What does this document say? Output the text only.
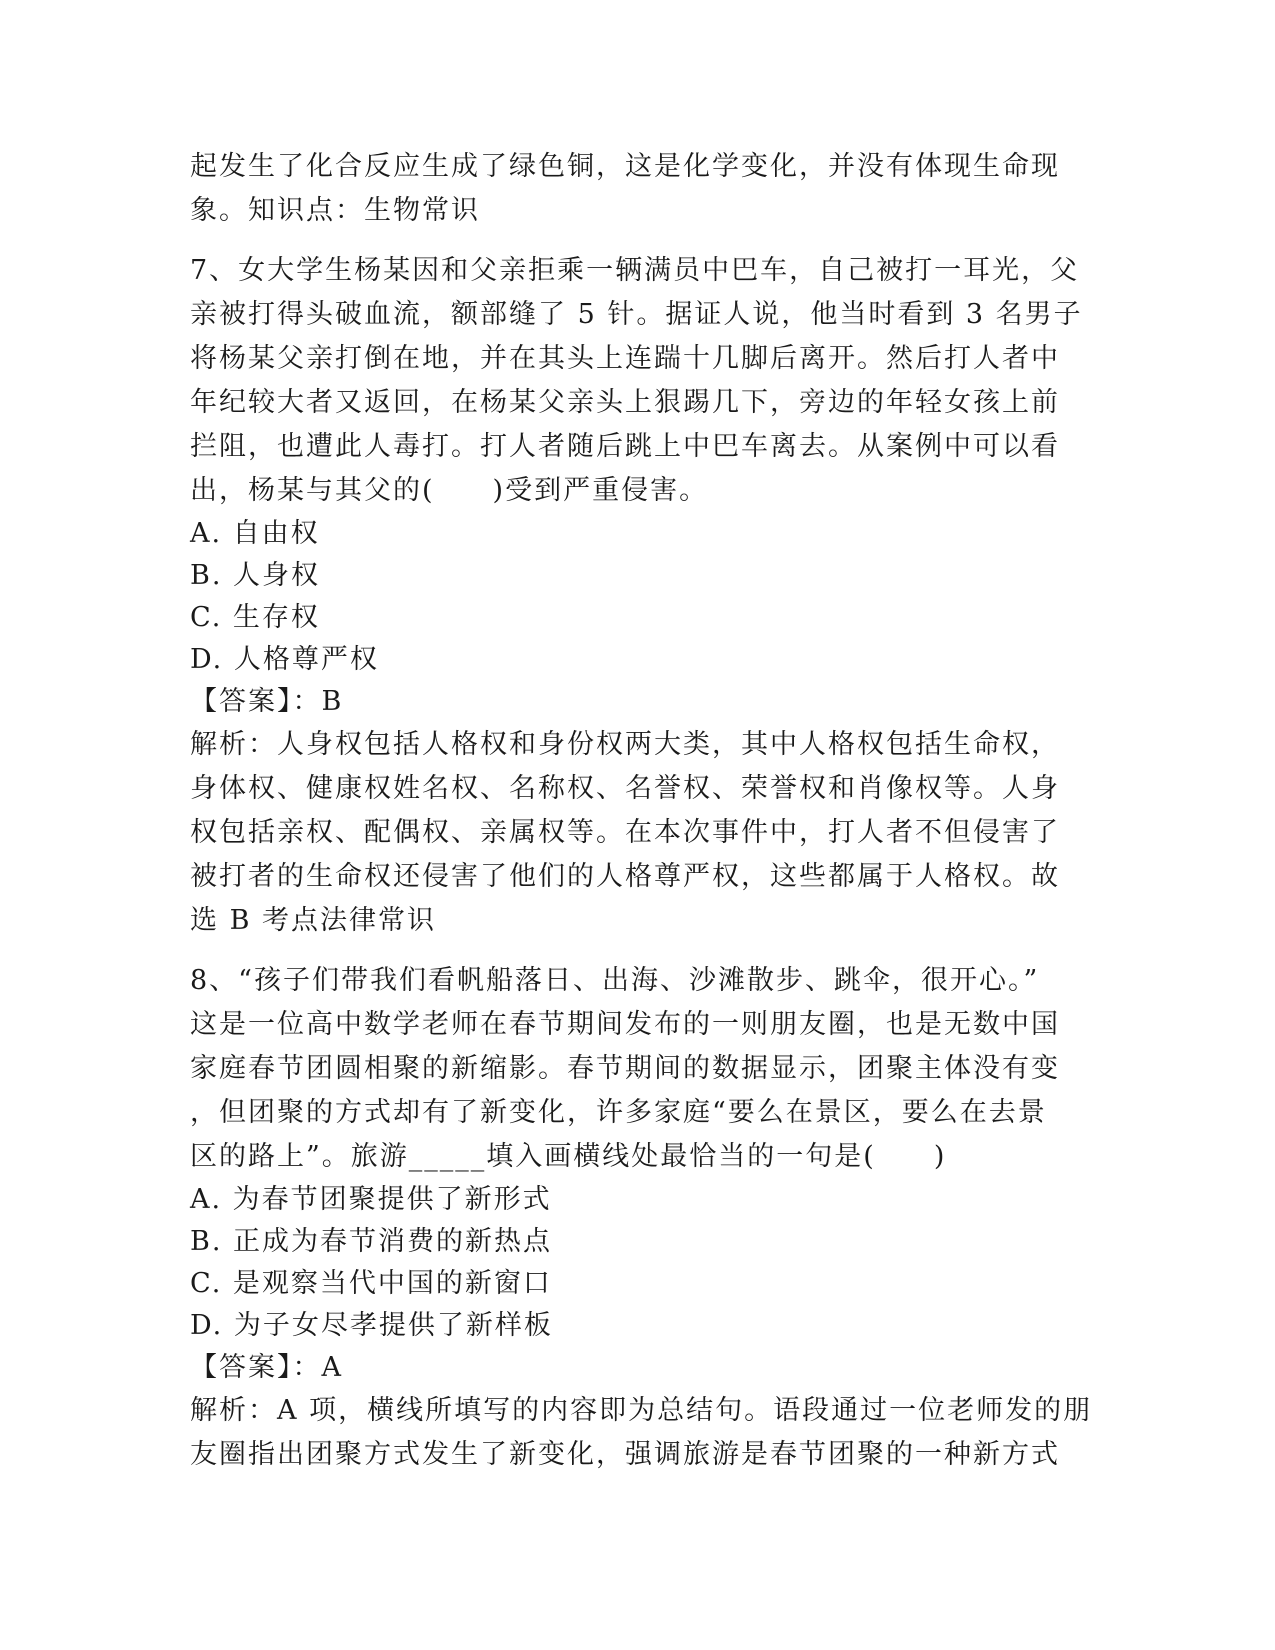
起发生了化合反应生成了绿色铜，这是化学变化，并没有体现生命现
象。知识点：生物常识
7、女大学生杨某因和父亲拒乘一辆满员中巴车，自己被打一耳光，父
亲被打得头破血流，额部缝了 5 针。据证人说，他当时看到 3 名男子
将杨某父亲打倒在地，并在其头上连踹十几脚后离开。然后打人者中
年纪较大者又返回，在杨某父亲头上狠踢几下，旁边的年轻女孩上前
拦阻，也遭此人毒打。打人者随后跳上中巴车离去。从案例中可以看
出，杨某与其父的(　　)受到严重侵害。
A. 自由权
B. 人身权
C. 生存权
D. 人格尊严权
【答案】：B
解析：人身权包括人格权和身份权两大类，其中人格权包括生命权，
身体权、健康权姓名权、名称权、名誉权、荣誉权和肖像权等。人身
权包括亲权、配偶权、亲属权等。在本次事件中，打人者不但侵害了
被打者的生命权还侵害了他们的人格尊严权，这些都属于人格权。故
选 B 考点法律常识
8、“孩子们带我们看帆船落日、出海、沙滩散步、跳伞，很开心。”
这是一位高中数学老师在春节期间发布的一则朋友圈，也是无数中国
家庭春节团圆相聚的新缩影。春节期间的数据显示，团聚主体没有变
，但团聚的方式却有了新变化，许多家庭“要么在景区，要么在去景
区的路上”。旅游_____填入画横线处最恰当的一句是(　　)
A. 为春节团聚提供了新形式
B. 正成为春节消费的新热点
C. 是观察当代中国的新窗口
D. 为子女尽孝提供了新样板
【答案】：A
解析：A 项，横线所填写的内容即为总结句。语段通过一位老师发的朋
友圈指出团聚方式发生了新变化，强调旅游是春节团聚的一种新方式
